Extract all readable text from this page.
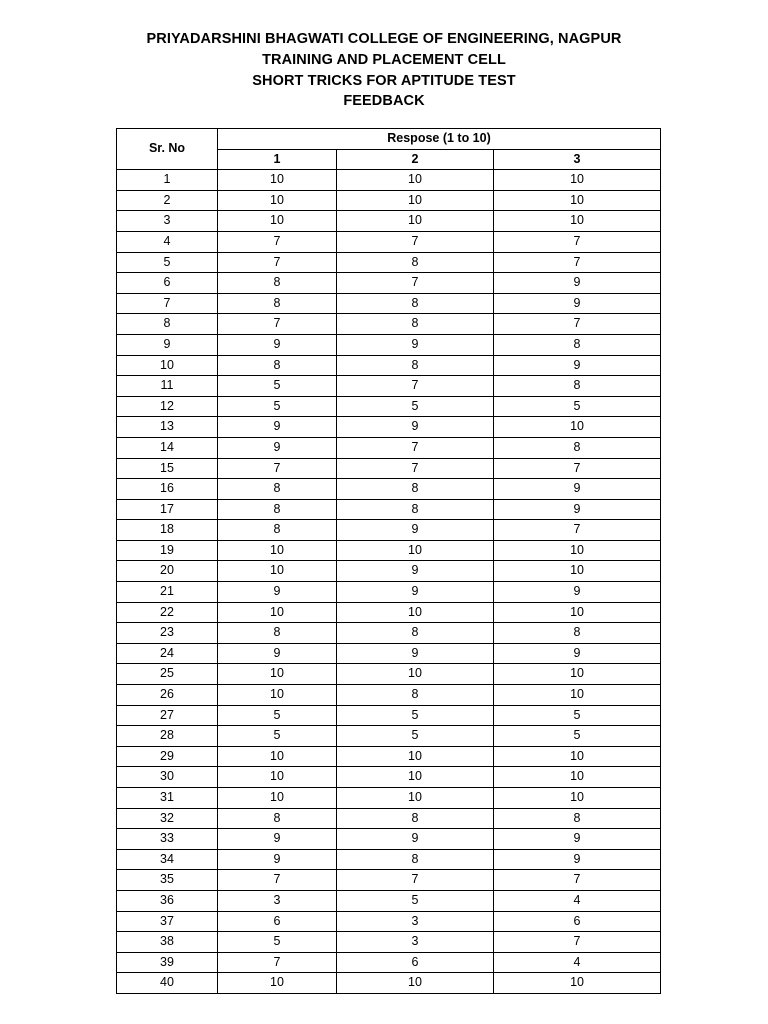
PRIYADARSHINI BHAGWATI COLLEGE OF ENGINEERING, NAGPUR
TRAINING AND PLACEMENT CELL
SHORT TRICKS FOR APTITUDE TEST
FEEDBACK
Sr. No	Respose (1 to 10)		
	1	2	3
1	10	10	10
2	10	10	10
3	10	10	10
4	7	7	7
5	7	8	7
6	8	7	9
7	8	8	9
8	7	8	7
9	9	9	8
10	8	8	9
11	5	7	8
12	5	5	5
13	9	9	10
14	9	7	8
15	7	7	7
16	8	8	9
17	8	8	9
18	8	9	7
19	10	10	10
20	10	9	10
21	9	9	9
22	10	10	10
23	8	8	8
24	9	9	9
25	10	10	10
26	10	8	10
27	5	5	5
28	5	5	5
29	10	10	10
30	10	10	10
31	10	10	10
32	8	8	8
33	9	9	9
34	9	8	9
35	7	7	7
36	3	5	4
37	6	3	6
38	5	3	7
39	7	6	4
40	10	10	10
